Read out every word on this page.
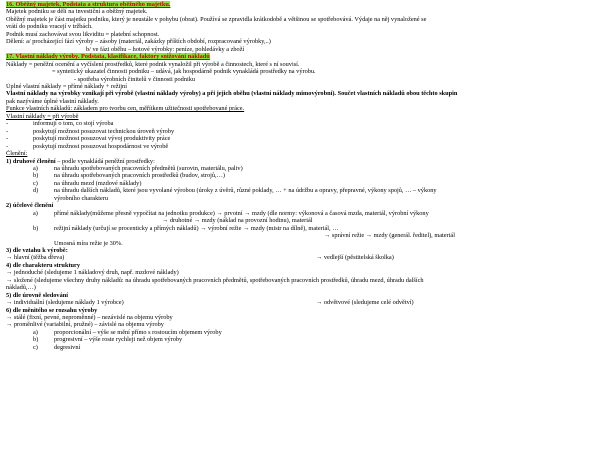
16. Oběžný majetek, Podstata a struktura oběžného majetku.
Majetek podniku se dělí na investiční a oběžný majetek.
Oběžný majetek je část majetku podniku, který je neustále v pohybu (obrat). Používá se zpravidla krátkodobě a většinou se spotřebovává. Výdaje na něj vynaložené se
vrátí do podniku vracejí v tržbách.
Podnik musí zachovávat svou likviditu = platební schopnost.
Dělení: a/ procházející fází výroby – zásoby (materiál, zakázky příštích období, rozpracované výrobky,..)
b/ ve fázi oběhu – hotové výrobky: peníze, pohledávky a zboží
17. Vlastní náklady výroby. Podstata, klasifikace, faktory snižování nákladů
Náklady = peněžní ocenění a vyčíslení prostředků, které podnik vynaložil při výrobě a činnostech, které s ní souvisí.
= syntetický ukazatel činnosti podniku – udává, jak hospodárně podnik vynakládá prostředky na výrobu.
- spotřeba výrobních činitelů v činnosti podniku
Úplné vlastní náklady = přímé náklady + režijní
Vlastní náklady na výrobky vznikají při výrobě (vlastní náklady výroby) a při jejich oběhu (vlastní náklady mimovýrobní). Součet vlastních nákladů obou těchto skupin
pak nazýváme úplné vlastní náklady.
Funkce vlastních nákladů: základem pro tvorbu cen, měřítkem užitečnosti spotřebované práce.
Vlastní náklady = při výrobě
-	informují o tom, co stojí výroba
-	poskytují možnost posuzovat technickou úroveň výroby
-	poskytují možnost posuzovat vývoj produktivity práce
-	poskytují možnost posuzovat hospodárnost ve výrobě
Členění:
1) druhové členění – podle vynakládá peněžní prostředky:
a)	na úhradu spotřebovaných pracovních předmětů (surovin, materiálu, paliv)
b)	na úhradu spotřebovaných pracovních prostředků (budov, strojů,…)
c)	na úhradu mezd (mzdové náklady)
d)	na úhradu dalších nákladů, které jsou vyvolané výrobou (úroky z úvěrů, různé poklady, … + na údržbu a opravy, přepravné, výkony spojů, … – výkony
výrobního charakteru
2) účelové členění
a)	přímé náklady(můžeme přesně vypočítat na jednotku produkce) → prvotní → mzdy (dle normy: výkonová a časová mzda, materiál, výrobní výkony
→ druhotné → mzdy (náklad na provozní hodinu), materiál
b)	režijní náklady (určují se procenticky a přímých nákladů) → výrobní režie → mzdy (mistr na dílně), materiál, …
→ správní režie → mzdy (generál. ředitel), materiál
Umosná míra režie je 30%.
3) dle vztahu k výrobě:
→ hlavní (těžba dřeva)	→ vedlejší (pěstitelská školka)
4) dle charakteru struktury
→ jednoduché (sledujeme 1 nákladový druh, např. mzdové náklady)
→ složené (sledujeme všechny druhy nákladů: na úhradu spotřebovaných pracovních předmětů, spotřebovaných pracovních prostředků, úhradu mezd, úhradu dalších
nákladů,…)
5) dle úrovně sledování
→ individuální (sledujeme náklady 1 výrobce)	→ odvětvové (sledujeme celé odvětví)
6) dle měnitého se rozsahu výroby
→ stálé (fixní, pevné, neproměnné) – nezávislé na objemu výroby
→ proměnlivé (variabilní, pružné) – závislé na objemu výroby
a)	proporcionální – výše se mění přímo s rostoucím objemem výroby
b)	progresivní – výše roste rychleji než objem výroby
c)	degresivní
